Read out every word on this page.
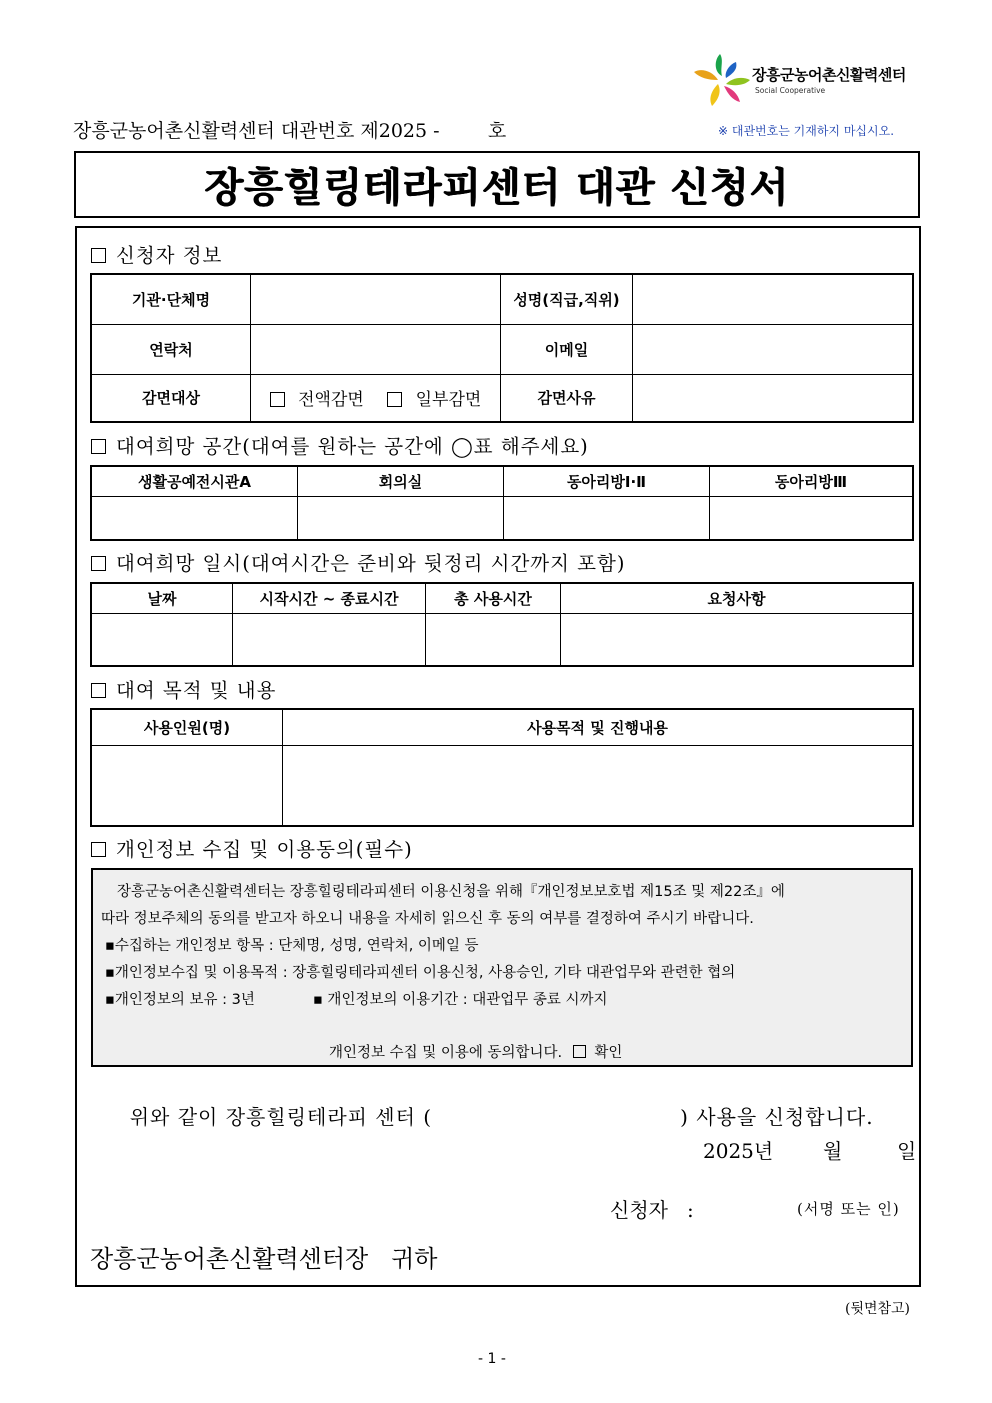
장흥군농어촌신활력센터
Social Cooperative
장흥군농어촌신활력센터 대관번호 제2025 -        호	※ 대관번호는 기재하지 마십시오.
장흥힐링테라피센터 대관 신청서
신청자 정보
기관·단체명		성명(직급,직위)	
연락처		이메일	
감면대상	전액감면 일부감면	감면사유	
대여희망 공간(대여를 원하는 공간에 ◯표 해주세요)
생활공예전시관A	회의실	동아리방Ⅰ·Ⅱ	동아리방Ⅲ

대여희망 일시(대여시간은 준비와 뒷정리 시간까지 포함)
날짜	시작시간 ~ 종료시간	총 사용시간	요청사항

대여 목적 및 내용
사용인원(명)	사용목적 및 진행내용

개인정보 수집 및 이용동의(필수)

장흥군농어촌신활력센터는 장흥힐링테라피센터 이용신청을 위해『개인정보보호법 제15조 및 제22조』에

따라 정보주체의 동의를 받고자 하오니 내용을 자세히 읽으신 후 동의 여부를 결정하여 주시기 바랍니다.

▪수집하는 개인정보 항목 : 단체명, 성명, 연락처, 이메일 등

▪개인정보수집 및 이용목적 : 장흥힐링테라피센터 이용신청, 사용승인, 기타 대관업무와 관련한 협의

▪개인정보의 보유 : 3년	▪ 개인정보의 이용기간 : 대관업무 종료 시까지

개인정보 수집 및 이용에 동의합니다. 확인

위와 같이 장흥힐링테라피 센터 (	) 사용을 신청합니다.

2025년 월	일
신청자   :	(서명 또는 인)
장흥군농어촌신활력센터장   귀하
(뒷면참고)
- 1 -
